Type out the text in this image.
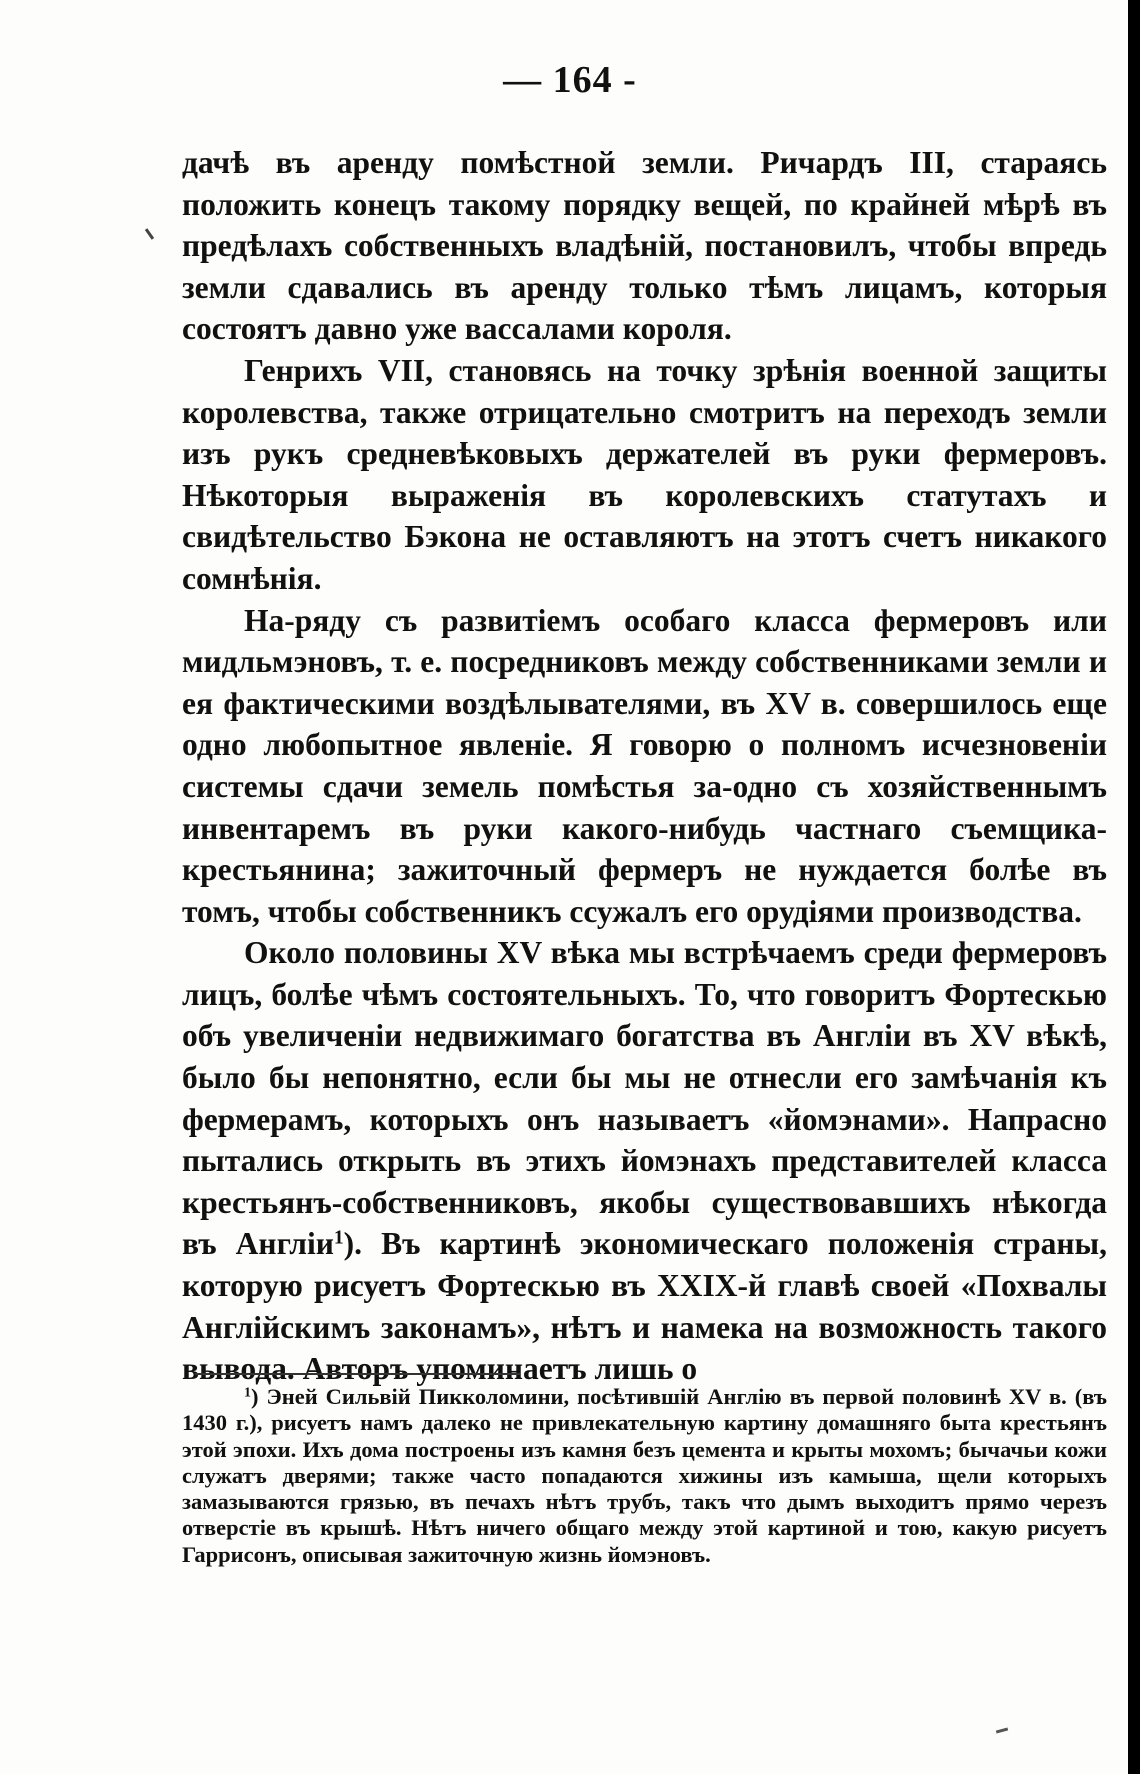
— 164 -

дачѣ въ аренду помѣстной земли. Ричардъ III, стараясь положить конецъ такому порядку вещей, по крайней мѣрѣ въ предѣлахъ собственныхъ владѣній, постановилъ, чтобы впредь земли сдавались въ аренду только тѣмъ лицамъ, которыя состоятъ давно уже вассалами короля.

Генрихъ VII, становясь на точку зрѣнія военной защиты королевства, также отрицательно смотритъ на переходъ земли изъ рукъ средневѣковыхъ держателей въ руки фермеровъ. Нѣкоторыя выраженія въ королевскихъ статутахъ и свидѣтельство Бэкона не оставляютъ на этотъ счетъ никакого сомнѣнія.

На-ряду съ развитіемъ особаго класса фермеровъ или мидльмэновъ, т. е. посредниковъ между собственниками земли и ея фактическими воздѣлывателями, въ XV в. совершилось еще одно любопытное явленіе. Я говорю о полномъ исчезновеніи системы сдачи земель помѣстья за-одно съ хозяйственнымъ инвентаремъ въ руки какого-нибудь частнаго съемщика-крестьянина; зажиточный фермеръ не нуждается болѣе въ томъ, чтобы собственникъ ссужалъ его орудіями производства.

Около половины XV вѣка мы встрѣчаемъ среди фермеровъ лицъ, болѣе чѣмъ состоятельныхъ. То, что говоритъ Фортескью объ увеличеніи недвижимаго богатства въ Англіи въ XV вѣкѣ, было бы непонятно, если бы мы не отнесли его замѣчанія къ фермерамъ, которыхъ онъ называетъ «йомэнами». Напрасно пытались открыть въ этихъ йомэнахъ представителей класса крестьянъ-собственниковъ, якобы существовавшихъ нѣкогда въ Англіи$^1$). Въ картинѣ экономическаго положенія страны, которую рисуетъ Фортескью въ XXIX-й главѣ своей «Похвалы Англійскимъ законамъ», нѣтъ и намека на возможность такого вывода. Авторъ упоминаетъ лишь о

$^1$) Эней Сильвій Пикколомини, посѣтившій Англію въ первой половинѣ XV в. (въ 1430 г.), рисуетъ намъ далеко не привлекательную картину домашняго быта крестьянъ этой эпохи. Ихъ дома построены изъ камня безъ цемента и крыты мохомъ; бычачьи кожи служатъ дверями; также часто попадаются хижины изъ камыша, щели которыхъ замазываются грязью, въ печахъ нѣтъ трубъ, такъ что дымъ выходитъ прямо черезъ отверстіе въ крышѣ. Нѣтъ ничего общаго между этой картиной и тою, какую рисуетъ Гаррисонъ, описывая зажиточную жизнь йомэновъ.
